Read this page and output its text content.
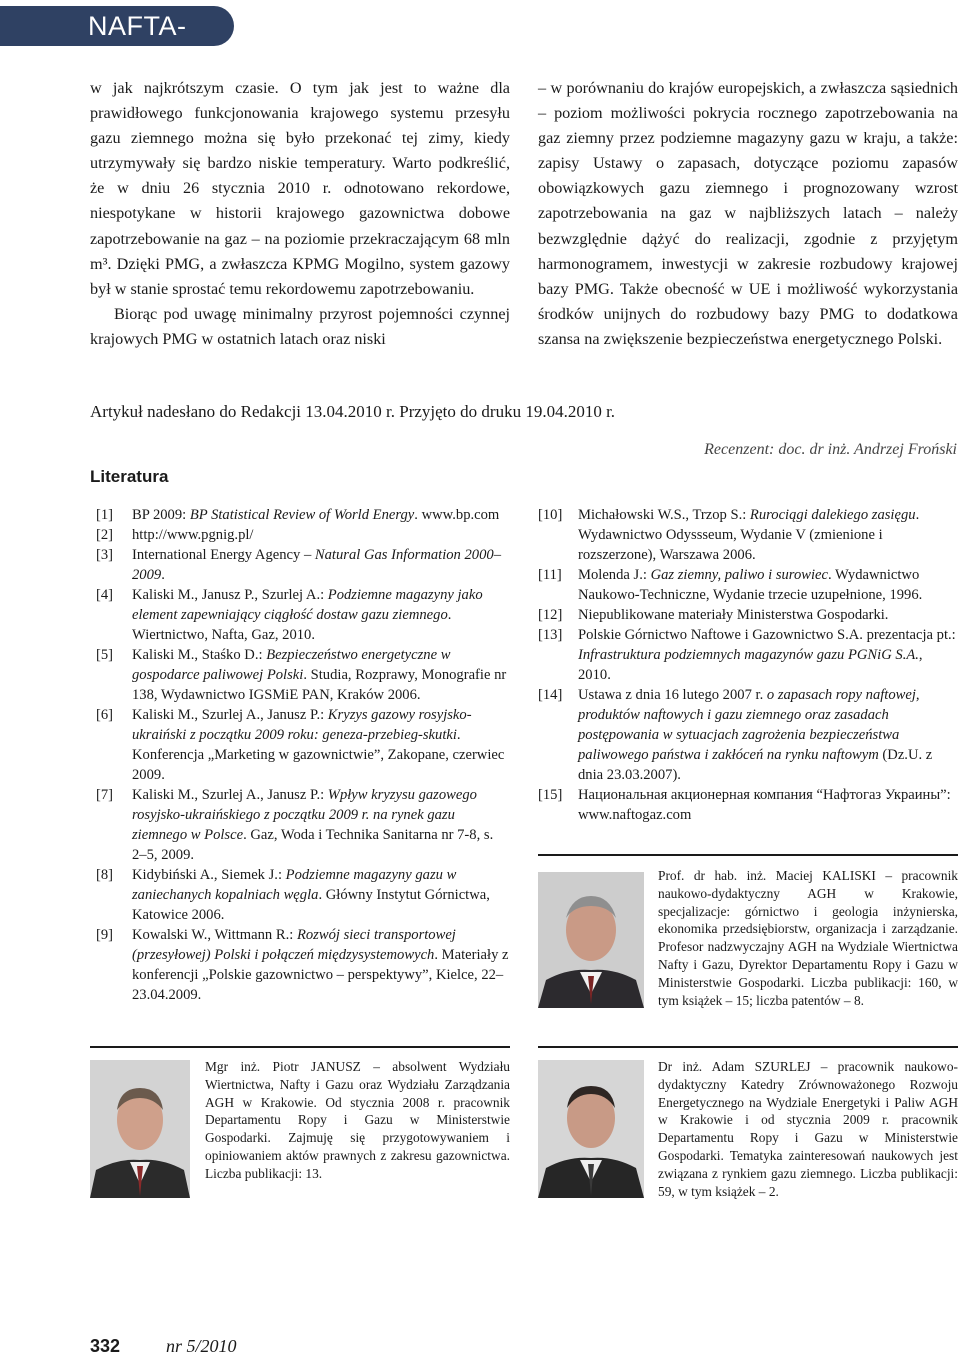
NAFTA-GAZ

w jak najkrótszym czasie. O tym jak jest to ważne dla prawidłowego funkcjonowania krajowego systemu przesyłu gazu ziemnego można się było przekonać tej zimy, kiedy utrzymywały się bardzo niskie temperatury. Warto podkreślić, że w dniu 26 stycznia 2010 r. odnotowano rekordowe, niespotykane w historii krajowego gazownictwa dobowe zapotrzebowanie na gaz – na poziomie przekraczającym 68 mln m³. Dzięki PMG, a zwłaszcza KPMG Mogilno, system gazowy był w stanie sprostać temu rekordowemu zapotrzebowaniu.

Biorąc pod uwagę minimalny przyrost pojemności czynnej krajowych PMG w ostatnich latach oraz niski

– w porównaniu do krajów europejskich, a zwłaszcza sąsiednich – poziom możliwości pokrycia rocznego zapotrzebowania na gaz ziemny przez podziemne magazyny gazu w kraju, a także: zapisy Ustawy o zapasach, dotyczące poziomu zapasów obowiązkowych gazu ziemnego i prognozowany wzrost zapotrzebowania na gaz w najbliższych latach – należy bezwzględnie dążyć do realizacji, zgodnie z przyjętym harmonogramem, inwestycji w zakresie rozbudowy krajowej bazy PMG. Także obecność w UE i możliwość wykorzystania środków unijnych do rozbudowy bazy PMG to dodatkowa szansa na zwiększenie bezpieczeństwa energetycznego Polski.

Artykuł nadesłano do Redakcji 13.04.2010 r. Przyjęto do druku 19.04.2010 r.
Recenzent: doc. dr inż. Andrzej Froński
Literatura
[1] BP 2009: BP Statistical Review of World Energy. www.bp.com
[2] http://www.pgnig.pl/
[3] International Energy Agency – Natural Gas Information 2000–2009.
[4] Kaliski M., Janusz P., Szurlej A.: Podziemne magazyny jako element zapewniający ciągłość dostaw gazu ziemnego. Wiertnictwo, Nafta, Gaz, 2010.
[5] Kaliski M., Staśko D.: Bezpieczeństwo energetyczne w gospodarce paliwowej Polski. Studia, Rozprawy, Monografie nr 138, Wydawnictwo IGSMiE PAN, Kraków 2006.
[6] Kaliski M., Szurlej A., Janusz P.: Kryzys gazowy rosyjsko-ukraiński z początku 2009 roku: geneza-przebieg-skutki. Konferencja „Marketing w gazownictwie”, Zakopane, czerwiec 2009.
[7] Kaliski M., Szurlej A., Janusz P.: Wpływ kryzysu gazowego rosyjsko-ukraińskiego z początku 2009 r. na rynek gazu ziemnego w Polsce. Gaz, Woda i Technika Sanitarna nr 7-8, s. 2–5, 2009.
[8] Kidybiński A., Siemek J.: Podziemne magazyny gazu w zaniechanych kopalniach węgla. Główny Instytut Górnictwa, Katowice 2006.
[9] Kowalski W., Wittmann R.: Rozwój sieci transportowej (przesyłowej) Polski i połączeń międzysystemowych. Materiały z konferencji „Polskie gazownictwo – perspektywy”, Kielce, 22–23.04.2009.
[10] Michałowski W.S., Trzop S.: Rurociągi dalekiego zasięgu. Wydawnictwo Odyssseum, Wydanie V (zmienione i rozszerzone), Warszawa 2006.
[11] Molenda J.: Gaz ziemny, paliwo i surowiec. Wydawnictwo Naukowo-Techniczne, Wydanie trzecie uzupełnione, 1996.
[12] Niepublikowane materiały Ministerstwa Gospodarki.
[13] Polskie Górnictwo Naftowe i Gazownictwo S.A. prezentacja pt.: Infrastruktura podziemnych magazynów gazu PGNiG S.A., 2010.
[14] Ustawa z dnia 16 lutego 2007 r. o zapasach ropy naftowej, produktów naftowych i gazu ziemnego oraz zasadach postępowania w sytuacjach zagrożenia bezpieczeństwa paliwowego państwa i zakłóceń na rynku naftowym (Dz.U. z dnia 23.03.2007).
[15] Национальная акционерная компания “Нафтогаз Украины”: www.naftogaz.com
Prof. dr hab. inż. Maciej KALISKI – pracownik naukowo-dydaktyczny AGH w Krakowie, specjalizacje: górnictwo i geologia inżynierska, ekonomika przedsiębiorstw, organizacja i zarządzanie. Profesor nadzwyczajny AGH na Wydziale Wiertnictwa Nafty i Gazu, Dyrektor Departamentu Ropy i Gazu w Ministerstwie Gospodarki. Liczba publikacji: 160, w tym książek – 15; liczba patentów – 8.
Mgr inż. Piotr JANUSZ – absolwent Wydziału Wiertnictwa, Nafty i Gazu oraz Wydziału Zarządzania AGH w Krakowie. Od stycznia 2008 r. pracownik Departamentu Ropy i Gazu w Ministerstwie Gospodarki. Zajmuję się przygotowywaniem i opiniowaniem aktów prawnych z zakresu gazownictwa. Liczba publikacji: 13.
Dr inż. Adam SZURLEJ – pracownik naukowo-dydaktyczny Katedry Zrównoważonego Rozwoju Energetycznego na Wydziale Energetyki i Paliw AGH w Krakowie i od stycznia 2009 r. pracownik Departamentu Ropy i Gazu w Ministerstwie Gospodarki. Tematyka zainteresowań naukowych jest związana z rynkiem gazu ziemnego. Liczba publikacji: 59, w tym książek – 2.
332	nr 5/2010
